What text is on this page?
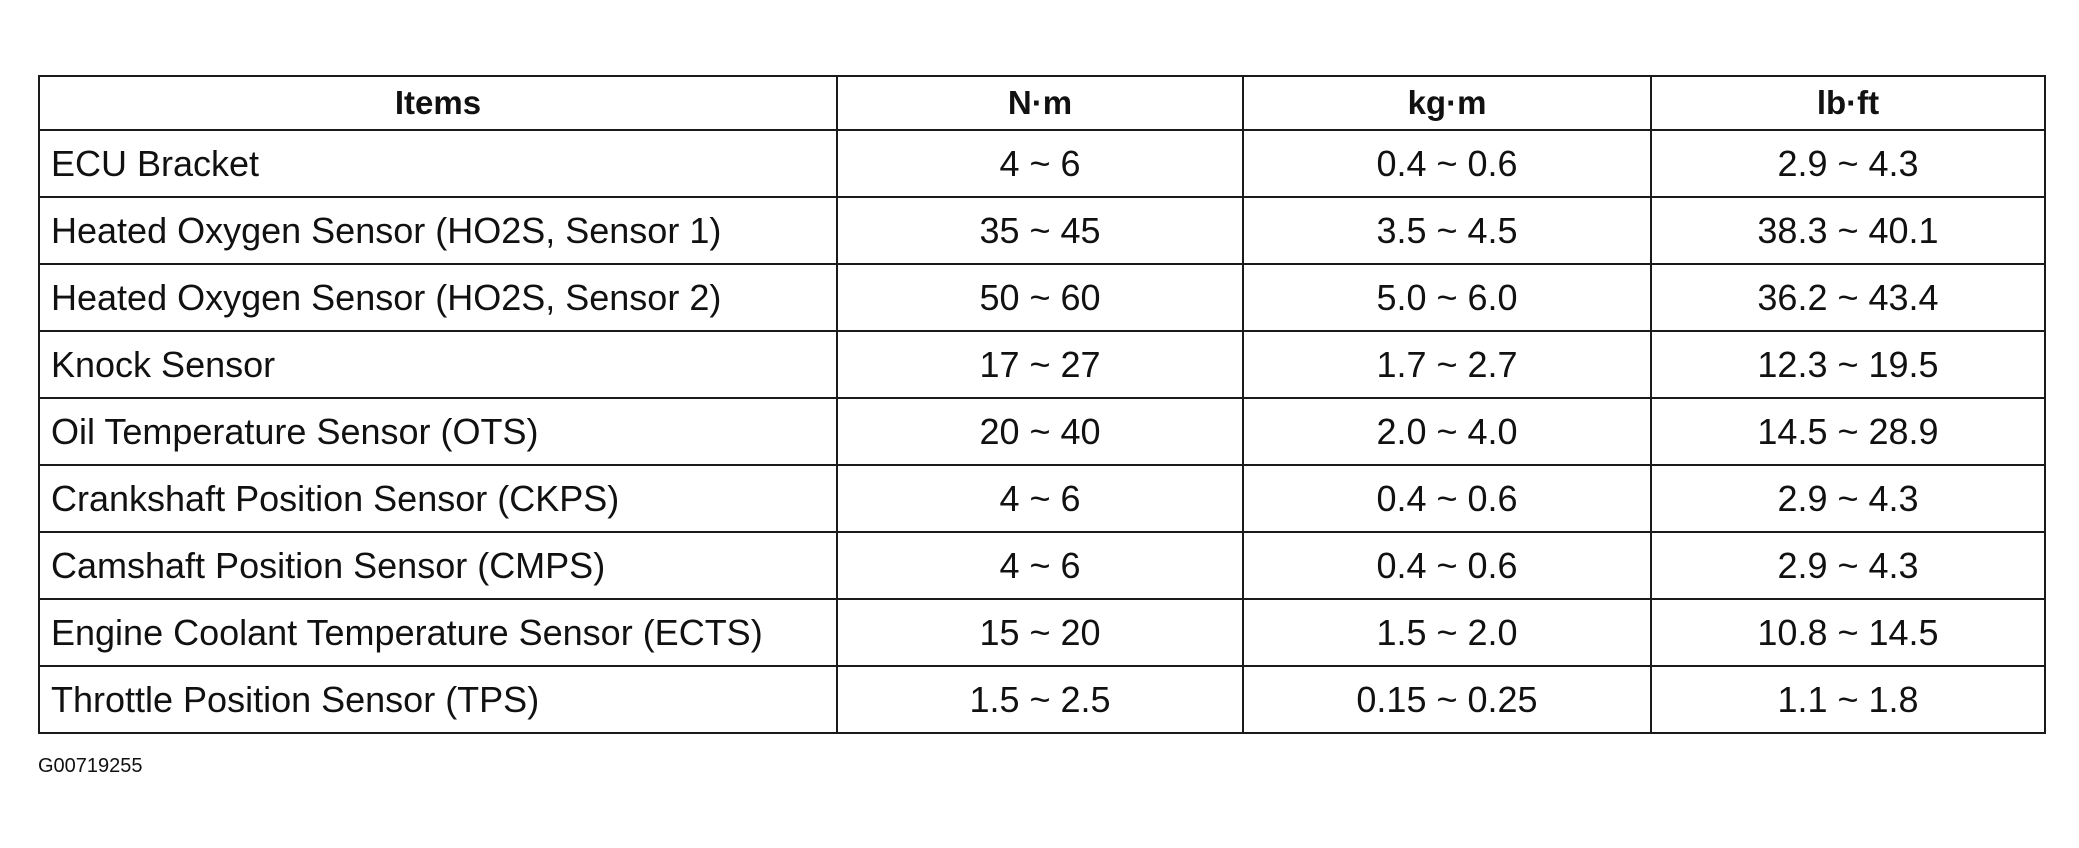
Items	N·m	kg·m	lb·ft
ECU Bracket	4 ~ 6	0.4 ~ 0.6	2.9 ~ 4.3
Heated Oxygen Sensor (HO2S, Sensor 1)	35 ~ 45	3.5 ~ 4.5	38.3 ~ 40.1
Heated Oxygen Sensor (HO2S, Sensor 2)	50 ~ 60	5.0 ~ 6.0	36.2 ~ 43.4
Knock Sensor	17 ~ 27	1.7 ~ 2.7	12.3 ~ 19.5
Oil Temperature Sensor (OTS)	20 ~ 40	2.0 ~ 4.0	14.5 ~ 28.9
Crankshaft Position Sensor (CKPS)	4 ~ 6	0.4 ~ 0.6	2.9 ~ 4.3
Camshaft Position Sensor (CMPS)	4 ~ 6	0.4 ~ 0.6	2.9 ~ 4.3
Engine Coolant Temperature Sensor (ECTS)	15 ~ 20	1.5 ~ 2.0	10.8 ~ 14.5
Throttle Position Sensor (TPS)	1.5 ~ 2.5	0.15 ~ 0.25	1.1 ~ 1.8
G00719255
